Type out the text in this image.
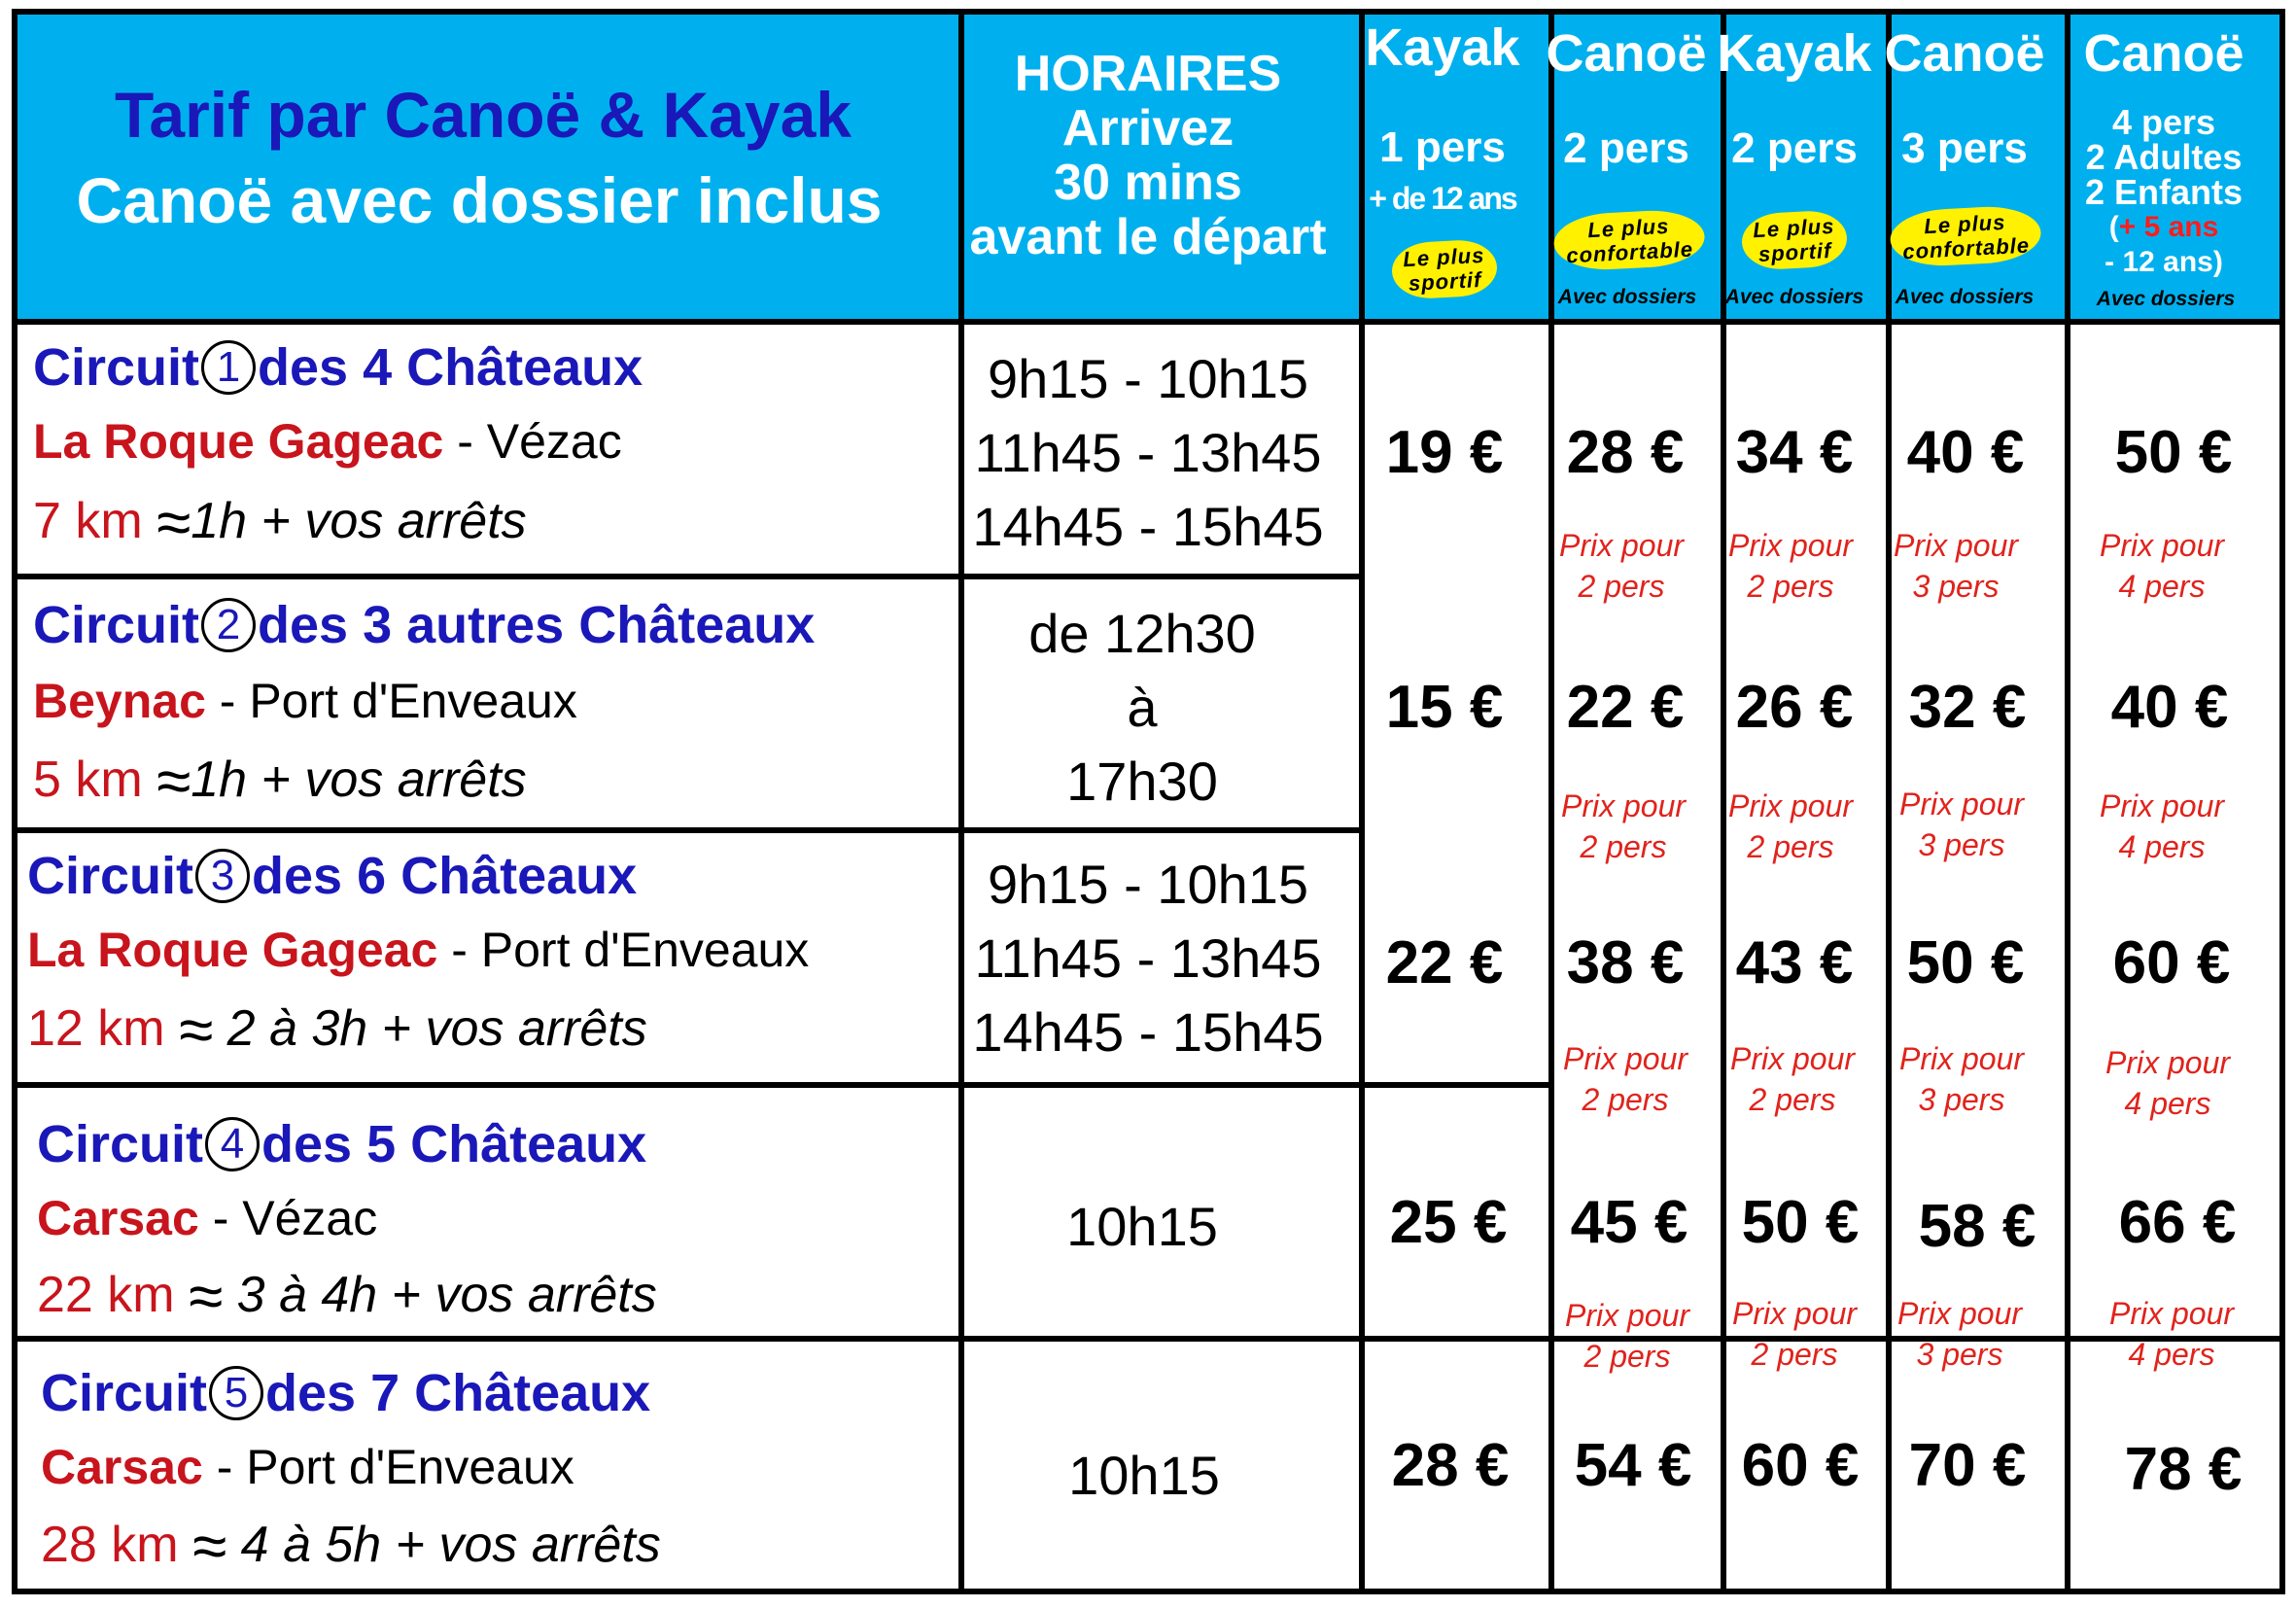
Tarif par Canoë & Kayak
Canoë avec dossier inclus
HORAIRES
Arrivez
30 mins
avant le départ
Kayak
1 pers
+ de 12 ans
Le plus
sportif
Canoë
2 pers
Le plus
confortable
Avec dossiers
Kayak
2 pers
Le plus
sportif
Avec dossiers
Canoë
3 pers
Le plus
confortable
Avec dossiers
Canoë
4 pers
2 Adultes
2 Enfants
(+ 5 ans
- 12 ans)
Avec dossiers
Circuit 1 des 4 Châteaux
La Roque Gageac - Vézac
7 km ≈1h + vos arrêts
9h15 - 10h15
11h45 - 13h45
14h45 - 15h45
Circuit 2 des 3 autres Châteaux
Beynac - Port d'Enveaux
5 km ≈1h + vos arrêts
de 12h30
à
17h30
Circuit 3 des 6 Châteaux
La Roque Gageac - Port d'Enveaux
12 km ≈ 2 à 3h + vos arrêts
9h15 - 10h15
11h45 - 13h45
14h45 - 15h45
Circuit 4 des 5 Châteaux
Carsac - Vézac
22 km ≈ 3 à 4h + vos arrêts
10h15
Circuit 5 des 7 Châteaux
Carsac - Port d'Enveaux
28 km ≈ 4 à 5h + vos arrêts
10h15
19 € 28 € 34 € 40 € 50 €
15 € 22 € 26 € 32 € 40 €
22 € 38 € 43 € 50 € 60 €
25 € 45 € 50 € 58 € 66 €
28 € 54 € 60 € 70 € 78 €
Prix pour
2 pers
Prix pour
2 pers
Prix pour
3 pers
Prix pour
4 pers
Prix pour
2 pers
Prix pour
2 pers
Prix pour
3 pers
Prix pour
4 pers
Prix pour
2 pers
Prix pour
2 pers
Prix pour
3 pers
Prix pour
4 pers
Prix pour
2 pers
Prix pour
2 pers
Prix pour
3 pers
Prix pour
4 pers
